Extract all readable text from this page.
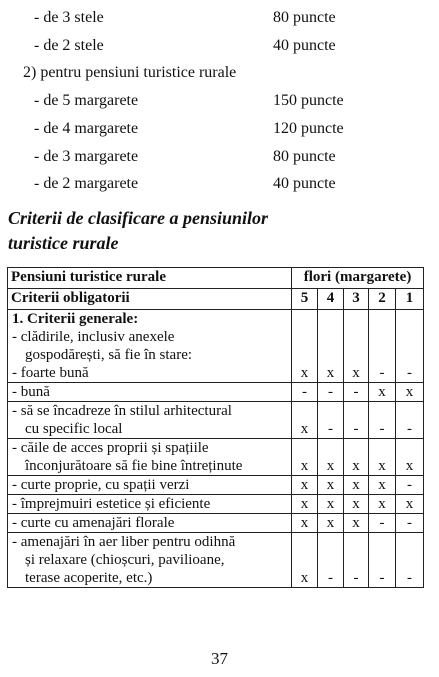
- de 3 stele	80 puncte
- de 2 stele	40 puncte
2) pentru pensiuni turistice rurale
- de 5 margarete	150 puncte
- de 4 margarete	120 puncte
- de 3 margarete	80 puncte
- de 2 margarete	40 puncte
Criterii de clasificare a pensiunilor
turistice rurale
Pensiuni turistice rurale	flori (margarete)				
Criterii obligatorii	5	4	3	2	1

1. Criterii generale:
- clădirile, inclusiv anexele
gospodărești, să fie în stare:
- foarte bună	x	x	x	-	-

- bună	-	-	-	x	x

- să se încadreze în stilul arhitectural
cu specific local	x	-	-	-	-

- căile de acces proprii și spațiile
înconjurătoare să fie bine întreținute	x	x	x	x	x

- curte proprie, cu spații verzi	x	x	x	x	-

- împrejmuiri estetice și eficiente	x	x	x	x	x

- curte cu amenajări florale	x	x	x	-	-

- amenajări în aer liber pentru odihnă
și relaxare (chioșcuri, pavilioane,
terase acoperite, etc.)	x	-	-	-	-
37
